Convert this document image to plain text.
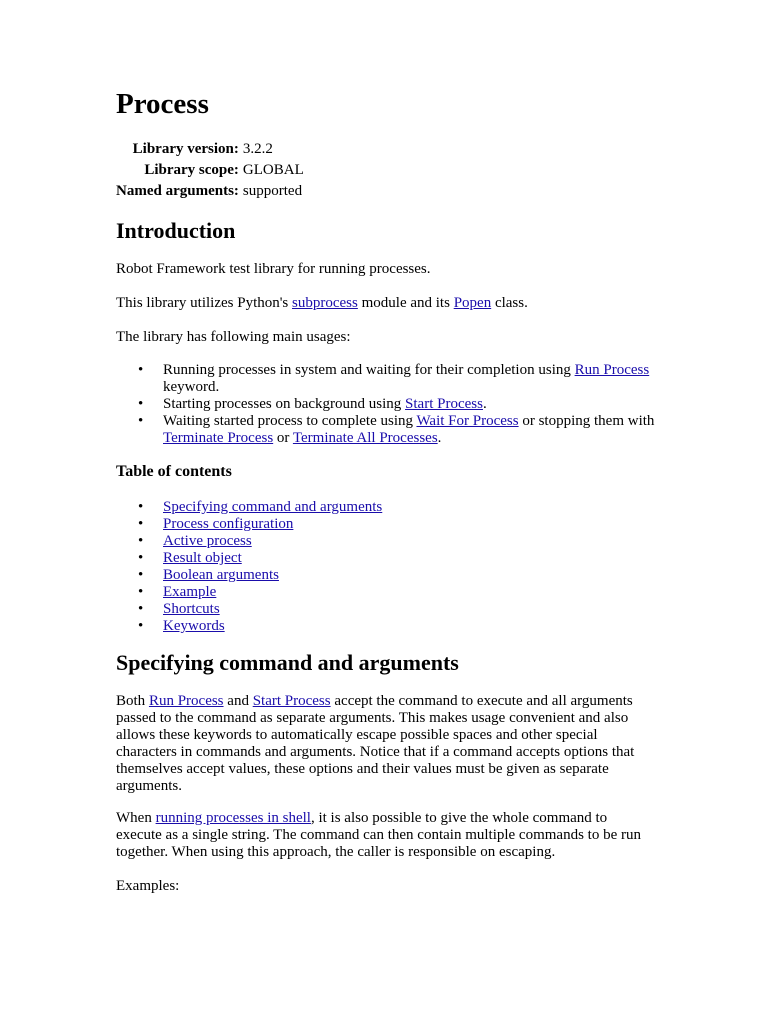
Process
Library version:	3.2.2
Library scope:	GLOBAL
Named arguments:	supported
Introduction

Robot Framework test library for running processes.

This library utilizes Python's subprocess module and its Popen class.

The library has following main usages:

• Running processes in system and waiting for their completion using Run Process keyword.
• Starting processes on background using Start Process.
• Waiting started process to complete using Wait For Process or stopping them with Terminate Process or Terminate All Processes.
Table of contents
• Specifying command and arguments
• Process configuration
• Active process
• Result object
• Boolean arguments
• Example
• Shortcuts
• Keywords
Specifying command and arguments

Both Run Process and Start Process accept the command to execute and all arguments passed to the command as separate arguments. This makes usage convenient and also allows these keywords to automatically escape possible spaces and other special characters in commands and arguments. Notice that if a command accepts options that themselves accept values, these options and their values must be given as separate arguments.

When running processes in shell, it is also possible to give the whole command to execute as a single string. The command can then contain multiple commands to be run together. When using this approach, the caller is responsible on escaping.

Examples:
